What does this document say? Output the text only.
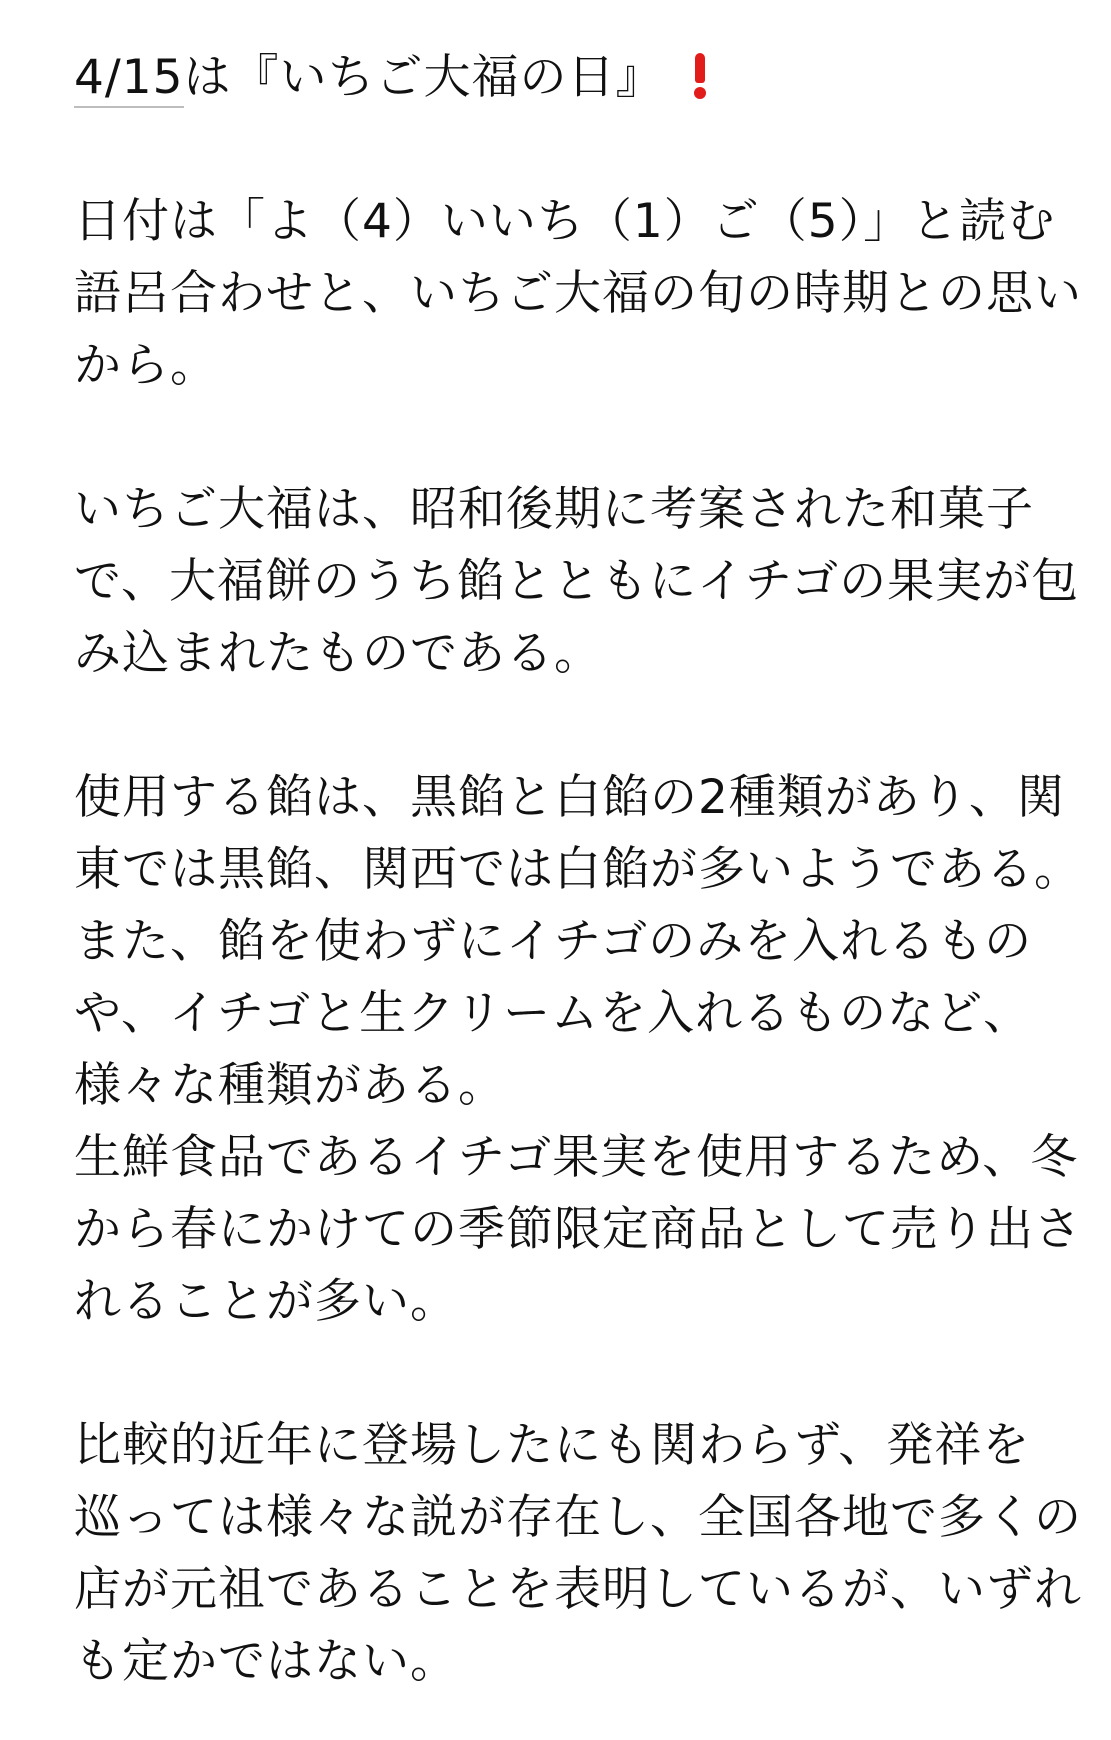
4/15は『いちご大福の日』
日付は「よ（4）いいち（1）ご（5）」と読む
語呂合わせと、いちご大福の旬の時期との思い
から。
いちご大福は、昭和後期に考案された和菓子
で、大福餅のうち餡とともにイチゴの果実が包
み込まれたものである。
使用する餡は、黒餡と白餡の2種類があり、関
東では黒餡、関西では白餡が多いようである。
また、餡を使わずにイチゴのみを入れるもの
や、イチゴと生クリームを入れるものなど、
様々な種類がある。
生鮮食品であるイチゴ果実を使用するため、冬
から春にかけての季節限定商品として売り出さ
れることが多い。
比較的近年に登場したにも関わらず、発祥を
巡っては様々な説が存在し、全国各地で多くの
店が元祖であることを表明しているが、いずれ
も定かではない。
